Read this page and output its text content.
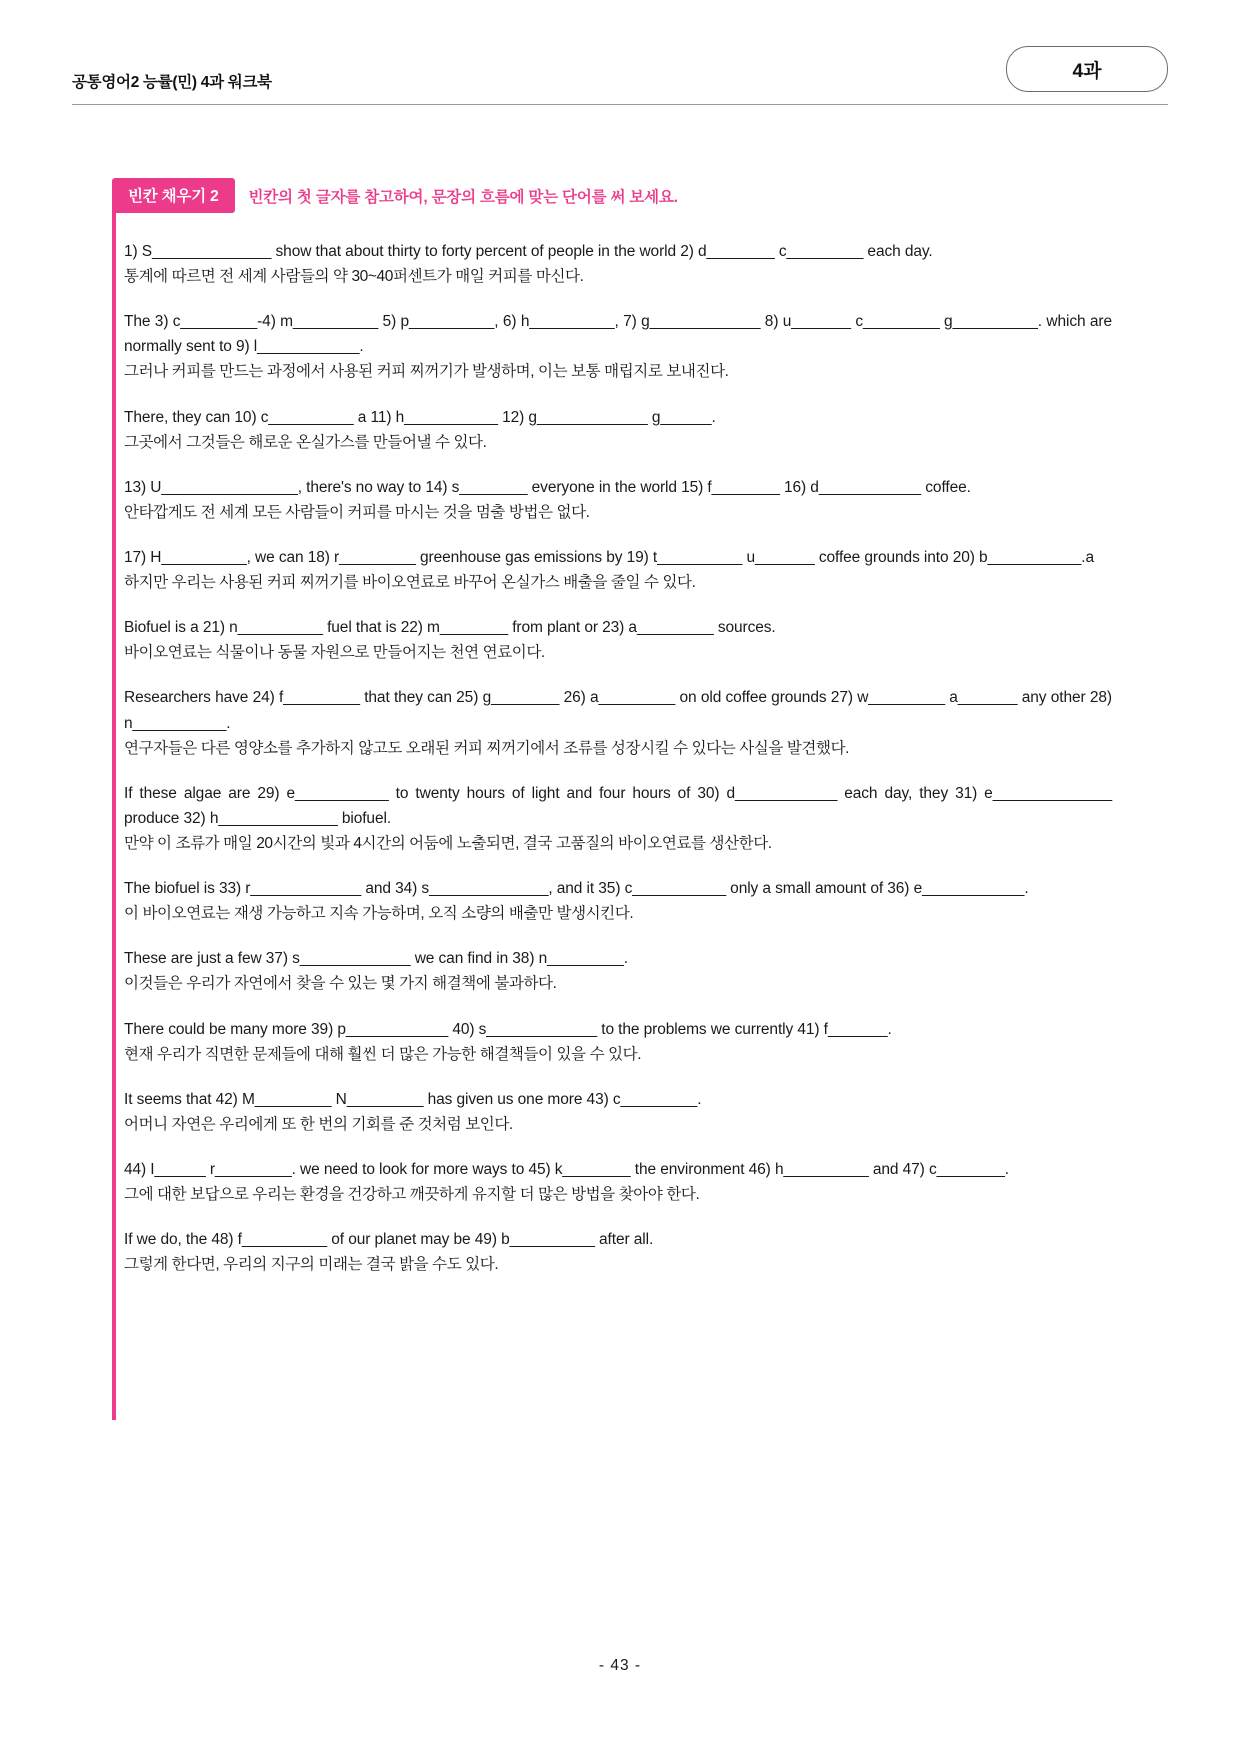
공통영어2 능률(민) 4과 워크북
4과
빈칸 채우기 2	빈칸의 첫 글자를 참고하여, 문장의 흐름에 맞는 단어를 써 보세요.
1) S______________ show that about thirty to forty percent of people in the world 2) d________ c_________ each day.
통계에 따르면 전 세계 사람들의 약 30~40퍼센트가 매일 커피를 마신다.
The 3) c_________-4) m__________ 5) p__________, 6) h__________, 7) g_____________ 8) u_______ c_________ g__________. which are normally sent to 9) l____________.
그러나 커피를 만드는 과정에서 사용된 커피 찌꺼기가 발생하며, 이는 보통 매립지로 보내진다.
There, they can 10) c__________ a 11) h___________ 12) g_____________ g______.
그곳에서 그것들은 해로운 온실가스를 만들어낼 수 있다.
13) U________________, there's no way to 14) s________ everyone in the world 15) f________ 16) d____________ coffee.
안타깝게도 전 세계 모든 사람들이 커피를 마시는 것을 멈출 방법은 없다.
17) H__________, we can 18) r_________ greenhouse gas emissions by 19) t__________ u_______ coffee grounds into 20) b___________.a
하지만 우리는 사용된 커피 찌꺼기를 바이오연료로 바꾸어 온실가스 배출을 줄일 수 있다.
Biofuel is a 21) n__________ fuel that is 22) m________ from plant or 23) a_________ sources.
바이오연료는 식물이나 동물 자원으로 만들어지는 천연 연료이다.
Researchers have 24) f_________ that they can 25) g________ 26) a_________ on old coffee grounds 27) w_________ a_______ any other 28) n___________.
연구자들은 다른 영양소를 추가하지 않고도 오래된 커피 찌꺼기에서 조류를 성장시킬 수 있다는 사실을 발견했다.
If these algae are 29) e___________ to twenty hours of light and four hours of 30) d____________ each day, they 31) e______________ produce 32) h______________ biofuel.
만약 이 조류가 매일 20시간의 빛과 4시간의 어둠에 노출되면, 결국 고품질의 바이오연료를 생산한다.
The biofuel is 33) r_____________ and 34) s______________, and it 35) c___________ only a small amount of 36) e____________.
이 바이오연료는 재생 가능하고 지속 가능하며, 오직 소량의 배출만 발생시킨다.
These are just a few 37) s_____________ we can find in 38) n_________.
이것들은 우리가 자연에서 찾을 수 있는 몇 가지 해결책에 불과하다.
There could be many more 39) p____________ 40) s_____________ to the problems we currently 41) f_______.
현재 우리가 직면한 문제들에 대해 훨씬 더 많은 가능한 해결책들이 있을 수 있다.
It seems that 42) M_________ N_________ has given us one more 43) c_________.
어머니 자연은 우리에게 또 한 번의 기회를 준 것처럼 보인다.
44) I______ r_________. we need to look for more ways to 45) k________ the environment 46) h__________ and 47) c________.
그에 대한 보답으로 우리는 환경을 건강하고 깨끗하게 유지할 더 많은 방법을 찾아야 한다.
If we do, the 48) f__________ of our planet may be 49) b__________ after all.
그렇게 한다면, 우리의 지구의 미래는 결국 밝을 수도 있다.
- 43 -
